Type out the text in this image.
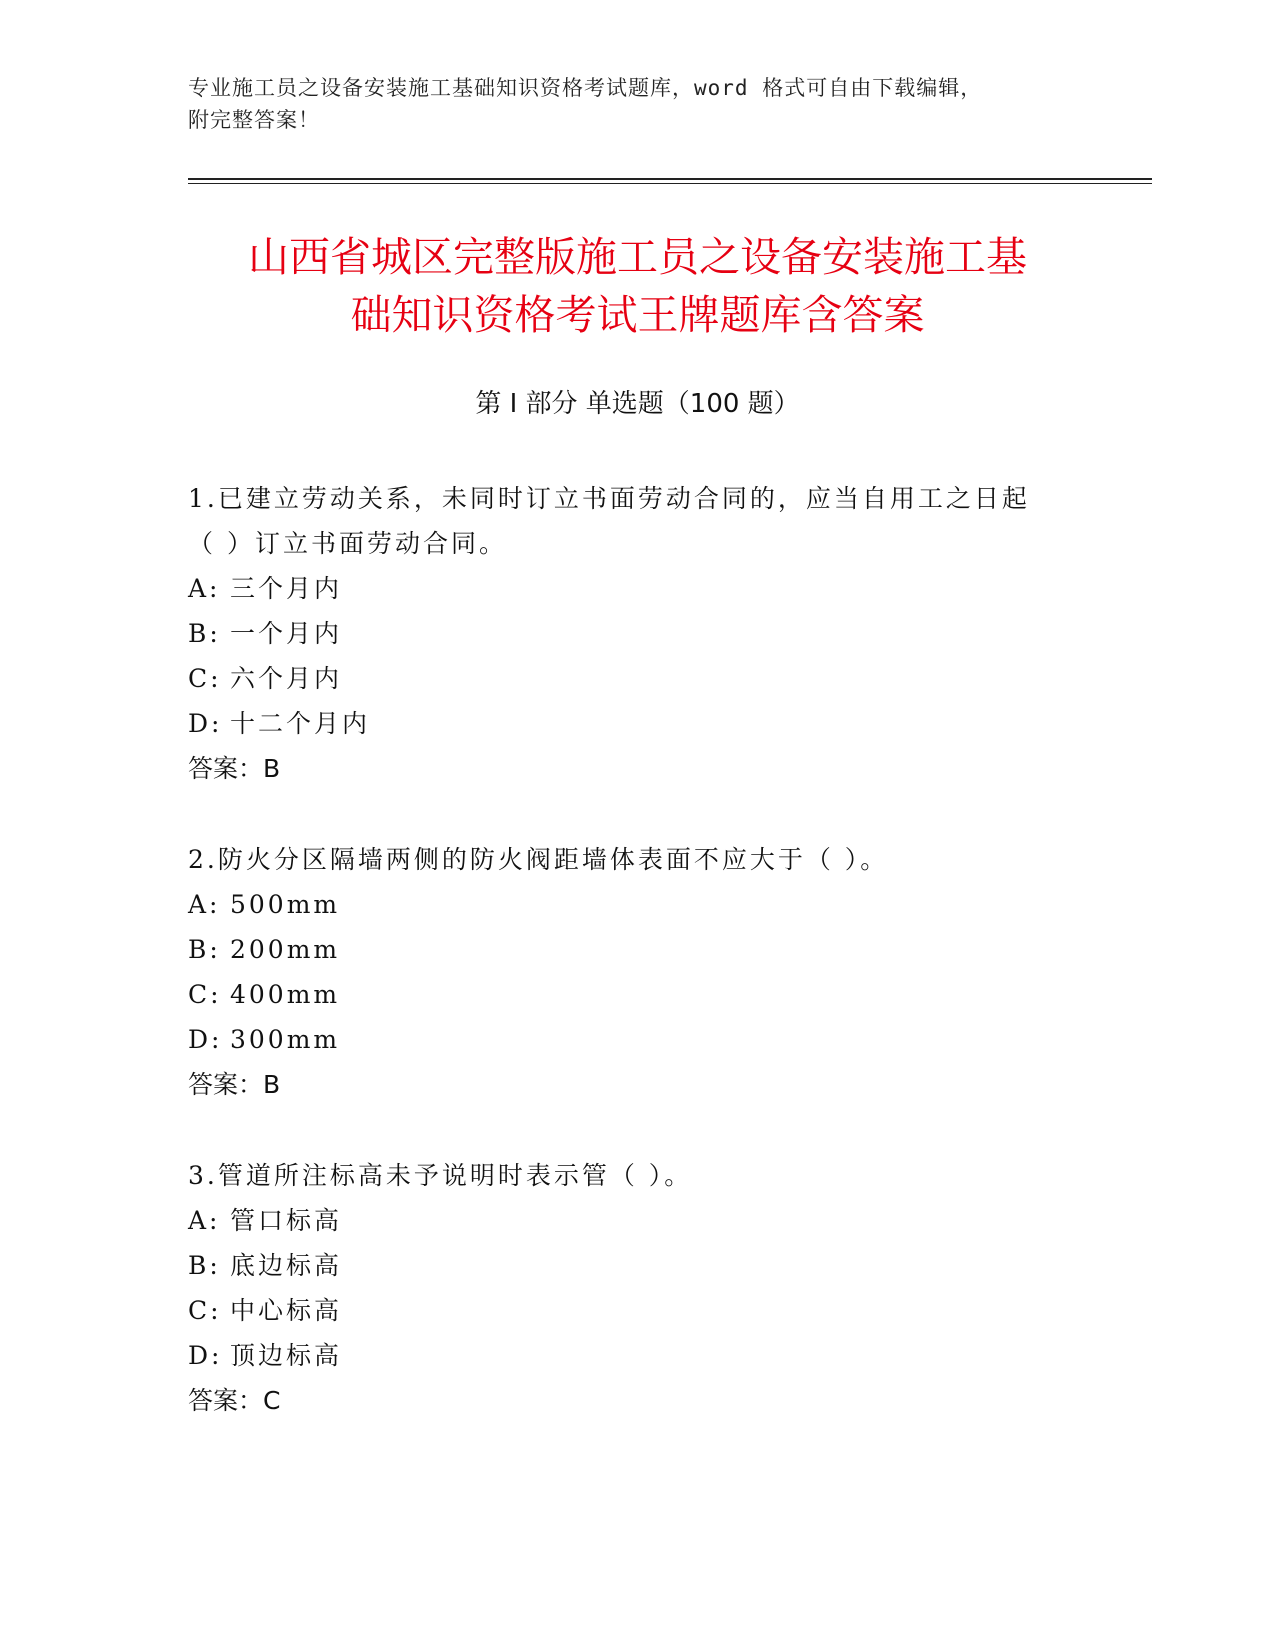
专业施工员之设备安装施工基础知识资格考试题库，word 格式可自由下载编辑，
附完整答案！
山西省城区完整版施工员之设备安装施工基
础知识资格考试王牌题库含答案
第 I 部分 单选题（100 题）
1.已建立劳动关系，未同时订立书面劳动合同的，应当自用工之日起
（ ）订立书面劳动合同。
A: 三个月内
B: 一个月内
C: 六个月内
D: 十二个月内
答案：B
2.防火分区隔墙两侧的防火阀距墙体表面不应大于（ ）。
A: 500mm
B: 200mm
C: 400mm
D: 300mm
答案：B
3.管道所注标高未予说明时表示管（ ）。
A: 管口标高
B: 底边标高
C: 中心标高
D: 顶边标高
答案：C
